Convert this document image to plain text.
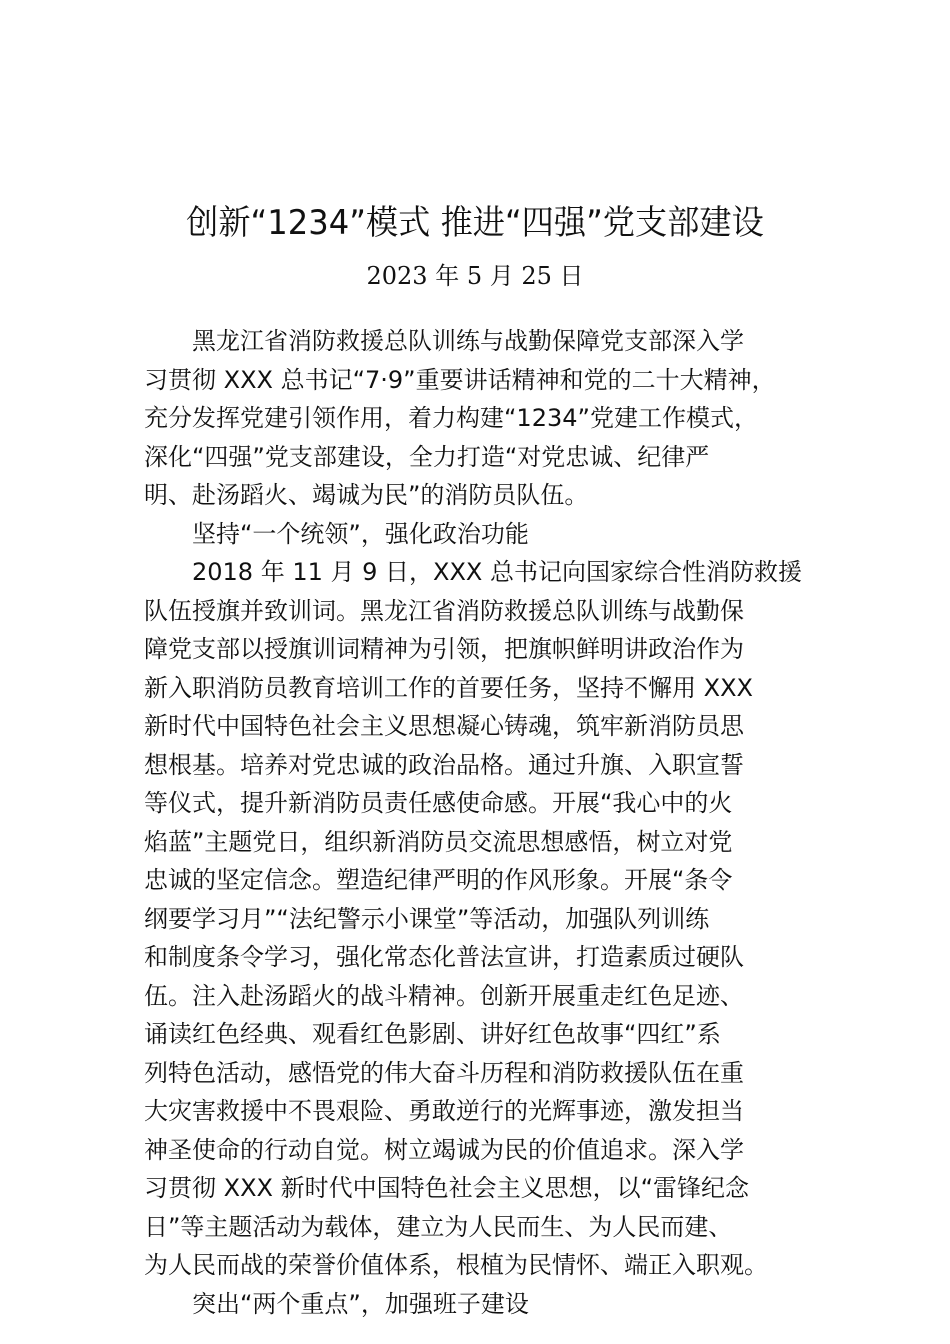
创新“1234”模式 推进“四强”党支部建设
2023 年 5 月 25 日
黑龙江省消防救援总队训练与战勤保障党支部深入学
习贯彻 XXX 总书记“7·9”重要讲话精神和党的二十大精神，
充分发挥党建引领作用，着力构建“1234”党建工作模式，
深化“四强”党支部建设，全力打造“对党忠诚、纪律严
明、赴汤蹈火、竭诚为民”的消防员队伍。
坚持“一个统领”，强化政治功能
2018 年 11 月 9 日，XXX 总书记向国家综合性消防救援
队伍授旗并致训词。黑龙江省消防救援总队训练与战勤保
障党支部以授旗训词精神为引领，把旗帜鲜明讲政治作为
新入职消防员教育培训工作的首要任务，坚持不懈用 XXX
新时代中国特色社会主义思想凝心铸魂，筑牢新消防员思
想根基。培养对党忠诚的政治品格。通过升旗、入职宣誓
等仪式，提升新消防员责任感使命感。开展“我心中的火
焰蓝”主题党日，组织新消防员交流思想感悟，树立对党
忠诚的坚定信念。塑造纪律严明的作风形象。开展“条令
纲要学习月”“法纪警示小课堂”等活动，加强队列训练
和制度条令学习，强化常态化普法宣讲，打造素质过硬队
伍。注入赴汤蹈火的战斗精神。创新开展重走红色足迹、
诵读红色经典、观看红色影剧、讲好红色故事“四红”系
列特色活动，感悟党的伟大奋斗历程和消防救援队伍在重
大灾害救援中不畏艰险、勇敢逆行的光辉事迹，激发担当
神圣使命的行动自觉。树立竭诚为民的价值追求。深入学
习贯彻 XXX 新时代中国特色社会主义思想，以“雷锋纪念
日”等主题活动为载体，建立为人民而生、为人民而建、
为人民而战的荣誉价值体系，根植为民情怀、端正入职观。
突出“两个重点”，加强班子建设
